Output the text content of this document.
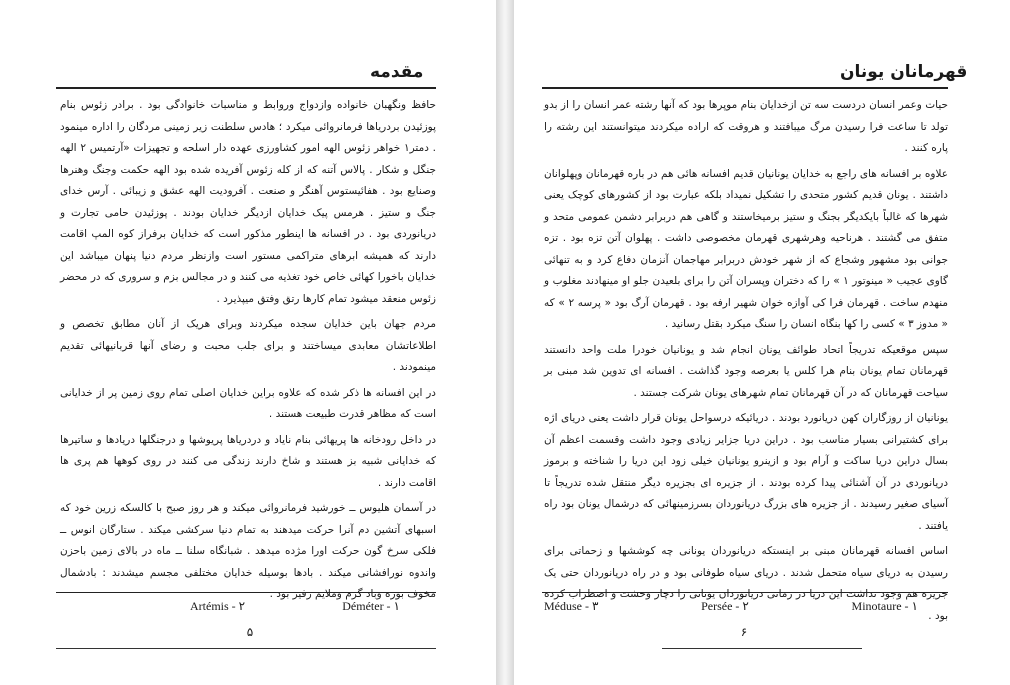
مقدمه

حافظ ونگهبان خانواده وازدواج وروابط و مناسبات خانوادگی بود . برادر زئوس بنام پوزئیدن بردریاها فرمانروائی میکرد ؛ هادس سلطنت زیر زمینی مردگان را اداره مینمود . دمتر۱ خواهر زئوس الهه امور کشاورزی عهده دار اسلحه و تجهیزات «آرتمیس ۲ الهه جنگل و شکار . پالاس آتنه که از کله زئوس آفریده شده بود الهه حکمت وجنگ وهنرها وصنایع بود . هفائیستوس آهنگر و صنعت . آفرودیت الهه عشق و زیبائی . آرس خدای جنگ و ستیز . هرمس پیک خدایان ازدیگر خدایان بودند . پوزئیدن حامی تجارت و دریانوردی بود . در افسانه ها اینطور مذکور است که خدایان برفراز کوه المپ اقامت دارند که همیشه ابرهای متراکمی مستور است وازنظر مردم دنیا پنهان میباشد این خدایان باخورا کهائی خاص خود تغذیه می کنند و در مجالس بزم و سروری که در محضر زئوس منعقد میشود تمام کارها رتق وفتق میپذیرد .

مردم جهان باین خدایان سجده میکردند وبرای هریک از آنان مطابق تخصص و اطلاعاتشان معابدی میساختند و برای جلب محبت و رضای آنها قربانیهائی تقدیم مینمودند .

در این افسانه ها ذکر شده که علاوه براین خدایان اصلی تمام روی زمین پر از خدایانی است که مظاهر قدرت طبیعت هستند .

در داخل رودخانه ها پریهائی بنام نایاد و دردریاها پریوشها و درجنگلها دریادها و ساتیرها که خدایانی شبیه بز هستند و شاخ دارند زندگی می کنند در روی کوهها هم پری ها اقامت دارند .

در آسمان هلیوس ــ خورشید فرمانروائی میکند و هر روز صبح با کالسکه زرین خود که اسبهای آتشین دم آنرا حرکت میدهند به تمام دنیا سرکشی میکند . ستارگان انوس ــ فلکی سرخ گون حرکت اورا مژده میدهد . شبانگاه سلنا ــ ماه در بالای زمین باحزن واندوه نورافشانی میکند . بادها بوسیله خدایان مختلفی مجسم میشدند : بادشمال مخوف بوره وباد گرم وملایم زفیر بود .

Artémis - ۲	Déméter - ۱
۵
قهرمانان یونان

حیات وعمر انسان دردست سه تن ازخدایان بنام موپرها بود که آنها رشته عمر انسان را از بدو تولد تا ساعت فرا رسیدن مرگ میبافتند و هروقت که اراده میکردند میتوانستند این رشته را پاره کنند .

علاوه بر افسانه های راجع به خدایان یونانیان قدیم افسانه هائی هم در باره قهرمانان وپهلوانان داشتند . یونان قدیم کشور متحدی را تشکیل نمیداد بلکه عبارت بود از کشورهای کوچک یعنی شهرها که غالباً بایکدیگر بجنگ و ستیز برمیخاستند و گاهی هم دربرابر دشمن عمومی متحد و متفق می گشتند . هرناحیه وهرشهری قهرمان مخصوصی داشت . پهلوان آتن تزه بود . تزه جوانی بود مشهور وشجاع که از شهر خودش دربرابر مهاجمان آنزمان دفاع کرد و به تنهائی گاوی عجیب « مینوتور ۱ » را که دختران وپسران آتن را برای بلعیدن جلو او مینهادند مغلوب و منهدم ساخت . قهرمان فرا کی آوازه خوان شهیر ارفه بود . قهرمان آرگ بود « پرسه ۲ » که « مدوز ۳ » کسی را کها بنگاه انسان را سنگ میکرد بقتل رسانید .

سپس موقعیکه تدریجاً اتحاد طوائف یونان انجام شد و یونانیان خودرا ملت واحد دانستند قهرمانان تمام یونان بنام هرا کلس یا بعرصه وجود گذاشت . افسانه ای تدوین شد مبنی بر سیاحت قهرمانان که در آن قهرمانان تمام شهرهای یونان شرکت جستند .

یونانیان از روزگاران کهن دریانورد بودند . دریائیکه درسواحل یونان قرار داشت یعنی دریای اژه برای کشتیرانی بسیار مناسب بود . دراین دریا جزایر زیادی وجود داشت وقسمت اعظم آن بسال دراین دریا ساکت و آرام بود و ازینرو یونانیان خیلی زود این دریا را شناخته و برموز دریانوردی در آن آشنائی پیدا کرده بودند . از جزیره ای بجزیره دیگر منتقل شده تدریجاً تا آسیای صغیر رسیدند . از جزیره های بزرگ دریانوردان بسرزمینهائی که درشمال یونان بود راه یافتند .

اساس افسانه قهرمانان مبنی بر اینستکه دریانوردان یونانی چه کوششها و زحماتی برای رسیدن به دریای سیاه متحمل شدند . دریای سیاه طوفانی بود و در راه دریانوردان حتی یک جزیره هم وجود نداشت این دریا در زمانی دریانوردان یونانی را دچار وحشت و اضطراب کرده بود .

Méduse - ۳	Persée - ۲	Minotaure - ۱
۶
